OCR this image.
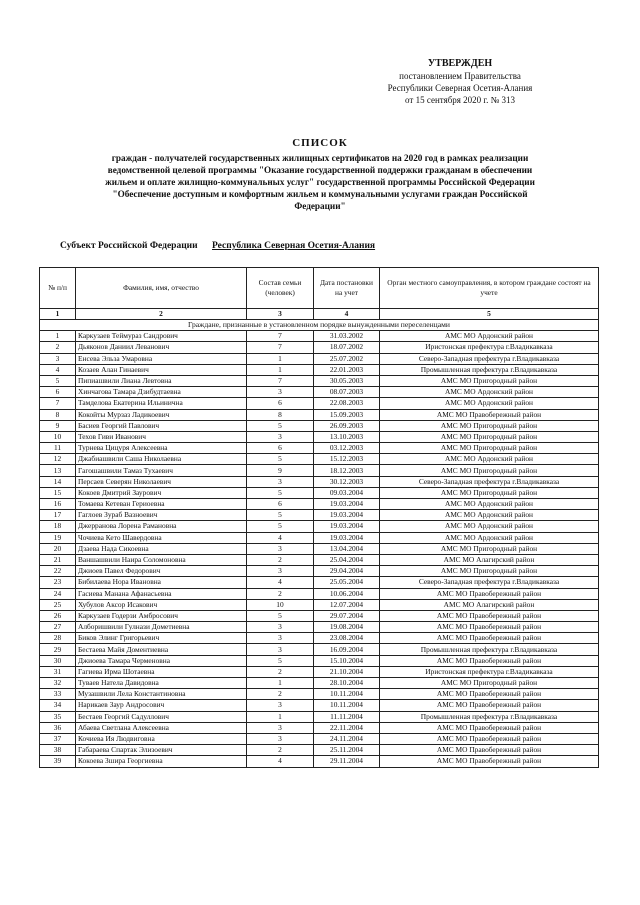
УТВЕРЖДЕН
постановлением Правительства
Республики Северная Осетия-Алания
от 15 сентября 2020 г. № 313
СПИСОК
граждан - получателей государственных жилищных сертификатов на 2020 год в рамках реализации
ведомственной целевой программы "Оказание государственной поддержки гражданам в обеспечении
жильем и оплате жилищно-коммунальных услуг" государственной программы Российской Федерации
"Обеспечение доступным и комфортным жильем и коммунальными услугами граждан Российской
Федерации"
Субъект Российской Федерации Республика Северная Осетия-Алания
№ п/п	Фамилия, имя, отчество	Состав семьи (человек)	Дата постановки на учет	Орган местного самоуправления, в котором граждане состоят на учете
1	2	3	4	5
Граждане, признанные в установленном порядке вынужденными переселенцами				
1	Каркузаев Теймураз Сандрович	7	31.03.2002	АМС МО Ардонский район
2	Дьяконов Даниил Леванович	7	18.07.2002	Иристонская префектура г.Владикавказа
3	Енсева Эльза Умаровна	1	25.07.2002	Северо-Западная префектура г.Владикавказа
4	Козаев Алан Гинаевич	1	22.01.2003	Промышленная префектура г.Владикавказа
5	Пипиашвили Лиана Левтовна	7	30.05.2003	АМС МО Пригородный район
6	Хинчагова Тамара Дзибудтаевна	3	08.07.2003	АМС МО Ардонский район
7	Тамделова Екатерина Ильинична	6	22.08.2003	АМС МО Ардонский район
8	Кокойты Мурзаз Ладикоевич	8	15.09.2003	АМС МО Правобережный район
9	Басиев Георгий Павлович	5	26.09.2003	АМС МО Пригородный район
10	Техов Гиви Иванович	3	13.10.2003	АМС МО Пригородный район
11	Турнева Цицуря Алексеевна	6	03.12.2003	АМС МО Пригородный район
12	Джабиашвили Саша Николаевна	5	15.12.2003	АМС МО Ардонский район
13	Гагошашвили Тамаз Тухаевич	9	18.12.2003	АМС МО Пригородный район
14	Персаев Северян Николаевич	3	30.12.2003	Северо-Западная префектура г.Владикавказа
15	Кокоев Дмитрий Заурович	5	09.03.2004	АМС МО Пригородный район
16	Томаева Кетеван Гериоевна	6	19.03.2004	АМС МО Ардонский район
17	Гаглоев Зураб Вазноевич	5	19.03.2004	АМС МО Ардонский район
18	Джерранова Лорена Рамановна	5	19.03.2004	АМС МО Ардонский район
19	Чочиева Кето Шавердовна	4	19.03.2004	АМС МО Ардонский район
20	Дзаева Нада Сикоевна	3	13.04.2004	АМС МО Пригородный район
21	Ваншашвили Наира Соломоновна	2	25.04.2004	АМС МО Алагирский район
22	Джиоев Павел Федорович	3	29.04.2004	АМС МО Пригородный район
23	Бибилаева Нора Ивановна	4	25.05.2004	Северо-Западная префектура г.Владикавказа
24	Гасиева Манана Афанасьевна	2	10.06.2004	АМС МО Правобережный район
25	Хубулов Аксор Исакович	10	12.07.2004	АМС МО Алагирский район
26	Каркузаев Годерзи Амбросович	5	29.07.2004	АМС МО Правобережный район
27	Алборишвили Гулнази Дометиевна	3	19.08.2004	АМС МО Правобережный район
28	Биков Элинг Григорьевич	3	23.08.2004	АМС МО Правобережный район
29	Бестаева Майя Доментиевна	3	16.09.2004	Промышленная префектура г.Владикавказа
30	Джиоева Тамара Черменовна	5	15.10.2004	АМС МО Правобережный район
31	Гагиева Ирма Шотаевна	2	21.10.2004	Иристонская префектура г.Владикавказа
32	Туваев Натела Давидовна	1	28.10.2004	АМС МО Пригородный район
33	Музашвили Лела Константиновна	2	10.11.2004	АМС МО Правобережный район
34	Нарикаев Заур Андросович	3	10.11.2004	АМС МО Правобережный район
35	Бестаев Георгий Садуллович	1	11.11.2004	Промышленная префектура г.Владикавказа
36	Абаева Светлана Алексеевна	3	22.11.2004	АМС МО Правобережный район
37	Кочиева Ия Людвиговна	3	24.11.2004	АМС МО Правобережный район
38	Габараева Спартак Элизоевич	2	25.11.2004	АМС МО Правобережный район
39	Кокоева Зшира Георгиевна	4	29.11.2004	АМС МО Правобережный район
